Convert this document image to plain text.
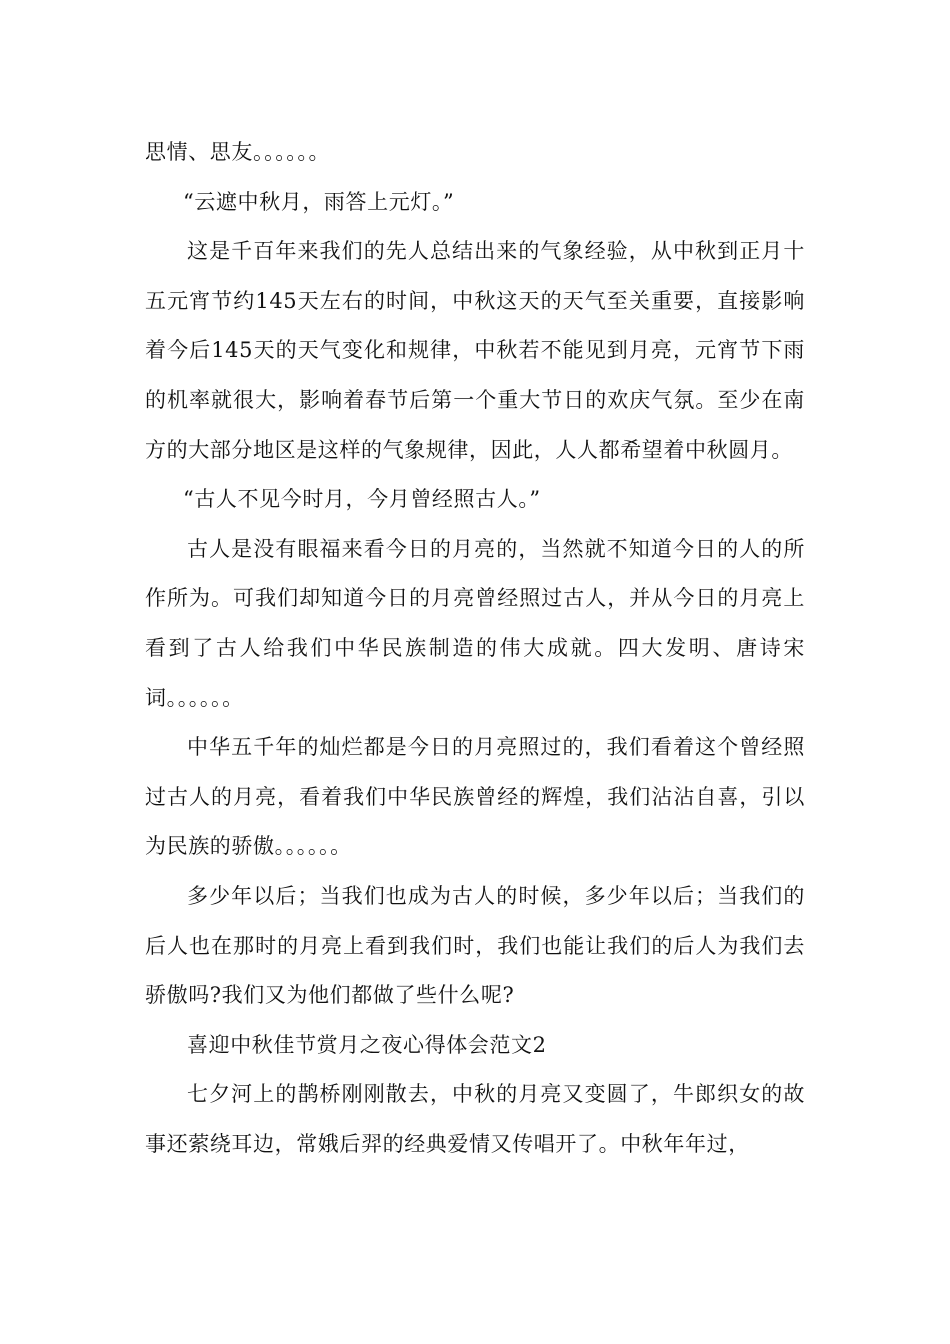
思情、思友。。。。。。

“云遮中秋月，雨答上元灯。”

这是千百年来我们的先人总结出来的气象经验，从中秋到正月十五元宵节约145天左右的时间，中秋这天的天气至关重要，直接影响着今后145天的天气变化和规律，中秋若不能见到月亮，元宵节下雨的机率就很大，影响着春节后第一个重大节日的欢庆气氛。至少在南方的大部分地区是这样的气象规律，因此，人人都希望着中秋圆月。

“古人不见今时月，今月曾经照古人。”

古人是没有眼福来看今日的月亮的，当然就不知道今日的人的所作所为。可我们却知道今日的月亮曾经照过古人，并从今日的月亮上看到了古人给我们中华民族制造的伟大成就。四大发明、唐诗宋词。。。。。。

中华五千年的灿烂都是今日的月亮照过的，我们看着这个曾经照过古人的月亮，看着我们中华民族曾经的辉煌，我们沾沾自喜，引以为民族的骄傲。。。。。。

多少年以后；当我们也成为古人的时候，多少年以后；当我们的后人也在那时的月亮上看到我们时，我们也能让我们的后人为我们去骄傲吗?我们又为他们都做了些什么呢?

喜迎中秋佳节赏月之夜心得体会范文2

七夕河上的鹊桥刚刚散去，中秋的月亮又变圆了，牛郎织女的故事还萦绕耳边，常娥后羿的经典爱情又传唱开了。中秋年年过，
